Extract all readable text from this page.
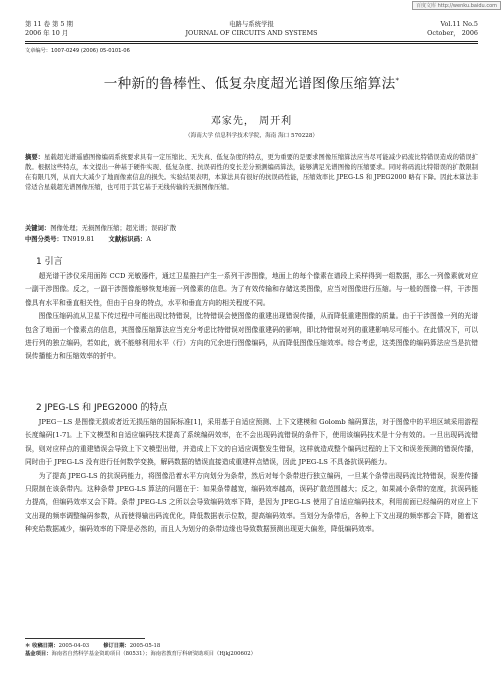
百度文库 http://wenku.baidu.com
第 11 卷 第 5 期
2006 年 10 月
电路与系统学报
JOURNAL OF CIRCUITS AND SYSTEMS
Vol.11 No.5
October， 2006
文章编号：1007-0249 (2006) 05-0101-06
一种新的鲁棒性、低复杂度超光谱图像压缩算法*
邓家先， 周开利
（海南大学 信息科学技术学院，海南 海口 570228）
摘要：星载超光谱遥感图像编码系统要求具有一定压缩比、无失真、低复杂度的特点，更为重要的是要求图像压缩算法应当尽可能减少码流比特错误造成的错误扩散。根据这些特点，本文提出一种基于硬件实现、低复杂度、抗误码性的变长差分预测编码算法，能够满足光谱图像的压缩要求。同时将码流比特错误的扩散限制在有限几列，从而大大减少了地面像素信息的损失。实验结果表明，本算法具有很好的抗误码性能，压缩效率比 JPEG-LS 和 JPEG2000 略有下降。因此本算法非常适合星载超光谱图像压缩，也可用于其它基于无线传输的无损图像压缩。
关键词：图像处理；无损图像压缩；超光谱；误码扩散
中图分类号：TN919.81 文献标识码：A
1 引言

超光谱干涉仪采用面阵 CCD 光敏器件，通过卫星推扫产生一系列干涉图像，地面上的每个像素在谱段上采样得到一组数据，那么一列像素就对应一副干涉图像。反之，一副干涉图像能够恢复地面一列像素的信息。为了有效传输和存储这类图像，应当对图像进行压缩。与一般的图像一样，干涉图像具有水平和垂直相关性，但由于自身的特点，水平和垂直方向的相关程度不同。

图像压缩码流从卫星下传过程中可能出现比特错误，比特错误会使图像的重建出现错误传播，从而降低重建图像的质量。由于干涉图像一列的光谱包含了地面一个像素点的信息，其图像压缩算法应当充分考虑比特错误对图像重建码的影响，即比特错误对列的重建影响尽可能小。在此情况下，可以进行列的独立编码，若如此，就不能够利用水平（行）方向的冗余进行图像编码，从而降低图像压缩效率。综合考虑，这类图像的编码算法应当是抗错误传播能力和压缩效率的折中。

2 JPEG-LS 和 JPEG2000 的特点

JPEG－LS 是图像无损或者近无损压缩的国际标准[1]，采用基于自适应预测、上下文建模和 Golomb 编码算法，对于图像中的平坦区域采用游程长度编码[1-7]。上下文模型和自适应编码技术提高了系统编码效率，在不会出现码流错误的条件下，使用该编码技术是十分有效的。一旦出现码流错误，则对应样点的重建错误会导致上下文模型出错，并造成上下文的自适应调整发生错误，这样就造成整个编码过程的上下文和误差预测的错误传播，同时由于 JPEG-LS 没有进行任何数学变换，解码数据的错误直接造成重建样点错误，因此 JPEG-LS 不具备抗误码能力。

为了提高 JPEG-LS 的抗误码能力，将图像沿着水平方向划分为条带，然后对每个条带进行独立编码，一旦某个条带出现码流比特错误，误差传播只限制在该条带内。这种条带 JPEG-LS 算法的问题在于：如果条带越宽，编码效率越高，误码扩散范围越大；反之，如果减小条带的宽度，抗误码能力提高，但编码效率又会下降。条带 JPEG-LS 之所以会导致编码效率下降，是因为 JPEG-LS 使用了自适应编码技术，利用前面已经编码的对应上下文出现的频率调整编码参数，从而使得输出码流优化，降低数据表示位数，提高编码效率。当划分为条带后，各种上下文出现的频率都会下降，随着这种充给数据减少，编码效率的下降是必然的，而且人为划分的条带边缘也导致数据预测出现更大偏差，降低编码效率。

＊ 收稿日期：2005-04-03	修订日期：2005-05-18
基金项目：海南省自然科学基金资助项目（80531）；海南省教育厅科研资助项目（Hjkj200602）
